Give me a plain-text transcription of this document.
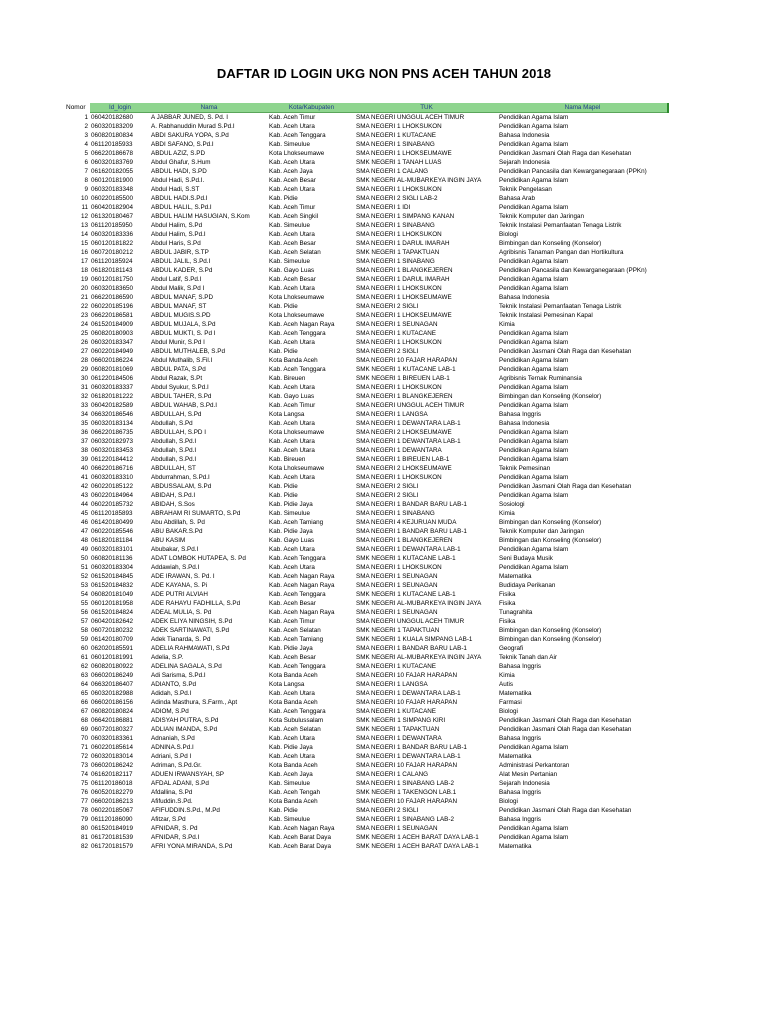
DAFTAR ID LOGIN UKG NON PNS ACEH TAHUN 2018
Nomor	Id_login	Nama	Kota/Kabupaten	TUK	Nama Mapel
1	060420182680	A JABBAR JUNED, S. Pd. I	Kab. Aceh Timur	SMA NEGERI UNGGUL ACEH TIMUR	Pendidikan Agama Islam
2	060320183209	A. Rabhanuddin Murad S.Pd.I	Kab. Aceh Utara	SMA NEGERI 1 LHOKSUKON	Pendidikan Agama Islam
3	060820180834	ABDI SAKURA YOPA, S.Pd	Kab. Aceh Tenggara	SMA NEGERI 1 KUTACANE	Bahasa Indonesia
4	061120185933	ABDI SAFANO, S.Pd.I	Kab. Simeulue	SMA NEGERI 1 SINABANG	Pendidikan Agama Islam
5	066220186678	ABDUL AZIZ, S.PD	Kota Lhokseumawe	SMA NEGERI 1 LHOKSEUMAWE	Pendidikan Jasmani Olah Raga dan Kesehatan
6	060320183769	Abdul Ghafur, S.Hum	Kab. Aceh Utara	SMK NEGERI 1 TANAH LUAS	Sejarah Indonesia
7	061620182055	ABDUL HADI, S.PD	Kab. Aceh Jaya	SMA NEGERI 1 CALANG	Pendidikan Pancasila dan Kewarganegaraan (PPKn)
8	060120181900	Abdul Hadi, S.Pd.I.	Kab. Aceh Besar	SMK NEGERI AL-MUBARKEYA INGIN JAYA	Pendidikan Agama Islam
9	060320183348	Abdul Hadi, S.ST	Kab. Aceh Utara	SMA NEGERI 1 LHOKSUKON	Teknik Pengelasan
10	060220185500	ABDUL HADI.S.Pd.I	Kab. Pidie	SMA NEGERI 2 SIGLI LAB-2	Bahasa Arab
11	060420182904	ABDUL HALIL, S.Pd.I	Kab. Aceh Timur	SMA NEGERI 1 IDI	Pendidikan Agama Islam
12	061320180467	ABDUL HALIM HASUGIAN, S.Kom	Kab. Aceh Singkil	SMA NEGERI 1 SIMPANG KANAN	Teknik Komputer dan Jaringan
13	061120185950	Abdul Halim, S.Pd	Kab. Simeulue	SMA NEGERI 1 SINABANG	Teknik Instalasi Pemanfaatan Tenaga Listrik
14	060320183336	Abdul Halim, S.Pd.I	Kab. Aceh Utara	SMA NEGERI 1 LHOKSUKON	Biologi
15	060120181822	Abdul Haris, S.Pd	Kab. Aceh Besar	SMA NEGERI 1 DARUL IMARAH	Bimbingan dan Konseling (Konselor)
16	060720180212	ABDUL JABIR, S.TP	Kab. Aceh Selatan	SMK NEGERI 1 TAPAKTUAN	Agribisnis Tanaman Pangan dan Hortikultura
17	061120185924	ABDUL JALIL, S.Pd.I	Kab. Simeulue	SMA NEGERI 1 SINABANG	Pendidikan Agama Islam
18	061820181143	ABDUL KADER, S.Pd	Kab. Gayo Luas	SMA NEGERI 1 BLANGKEJEREN	Pendidikan Pancasila dan Kewarganegaraan (PPKn)
19	060120181750	Abdul Latif, S.Pd.I	Kab. Aceh Besar	SMA NEGERI 1 DARUL IMARAH	Pendidikan Agama Islam
20	060320183650	Abdul Malik, S.Pd I	Kab. Aceh Utara	SMA NEGERI 1 LHOKSUKON	Pendidikan Agama Islam
21	066220186590	ABDUL MANAF, S.PD	Kota Lhokseumawe	SMA NEGERI 1 LHOKSEUMAWE	Bahasa Indonesia
22	060220185196	ABDUL MANAF, ST	Kab. Pidie	SMA NEGERI 2 SIGLI	Teknik Instalasi Pemanfaatan Tenaga Listrik
23	066220186581	ABDUL MUGIS.S.PD	Kota Lhokseumawe	SMA NEGERI 1 LHOKSEUMAWE	Teknik Instalasi Pemesinan Kapal
24	061520184909	ABDUL MUJALA, S.Pd	Kab. Aceh Nagan Raya	SMA NEGERI 1 SEUNAGAN	Kimia
25	060820180903	ABDUL MUKTI, S. Pd I	Kab. Aceh Tenggara	SMA NEGERI 1 KUTACANE	Pendidikan Agama Islam
26	060320183347	Abdul Munir, S.Pd I	Kab. Aceh Utara	SMA NEGERI 1 LHOKSUKON	Pendidikan Agama Islam
27	060220184949	ABDUL MUTHALEB, S.Pd	Kab. Pidie	SMA NEGERI 2 SIGLI	Pendidikan Jasmani Olah Raga dan Kesehatan
28	066020186224	Abdul Muthalib, S.Fil.I	Kota Banda Aceh	SMA NEGERI 10 FAJAR HARAPAN	Pendidikan Agama Islam
29	060820181069	ABDUL PATA, S.Pd	Kab. Aceh Tenggara	SMK NEGERI 1 KUTACANE LAB-1	Pendidikan Agama Islam
30	061220184506	Abdul Razak, S.Pt	Kab. Bireuen	SMK NEGERI 1 BIREUEN LAB-1	Agribisnis Ternak Ruminansia
31	060320183337	Abdul Syukur, S.Pd.I	Kab. Aceh Utara	SMA NEGERI 1 LHOKSUKON	Pendidikan Agama Islam
32	061820181222	ABDUL TAHER, S.Pd	Kab. Gayo Luas	SMA NEGERI 1 BLANGKEJEREN	Bimbingan dan Konseling (Konselor)
33	060420182589	ABDUL WAHAB, S.Pd.I	Kab. Aceh Timur	SMA NEGERI UNGGUL ACEH TIMUR	Pendidikan Agama Islam
34	066320186546	ABDULLAH, S.Pd	Kota Langsa	SMA NEGERI 1 LANGSA	Bahasa Inggris
35	060320183134	Abdullah, S.Pd	Kab. Aceh Utara	SMA NEGERI 1 DEWANTARA LAB-1	Bahasa Indonesia
36	066220186735	ABDULLAH, S.PD I	Kota Lhokseumawe	SMA NEGERI 2 LHOKSEUMAWE	Pendidikan Agama Islam
37	060320182973	Abdullah, S.Pd.I	Kab. Aceh Utara	SMA NEGERI 1 DEWANTARA LAB-1	Pendidikan Agama Islam
38	060320183453	Abdullah, S.Pd.I	Kab. Aceh Utara	SMA NEGERI 1 DEWANTARA	Pendidikan Agama Islam
39	061220184412	Abdullah, S.Pd.I	Kab. Bireuen	SMA NEGERI 1 BIREUEN LAB-1	Pendidikan Agama Islam
40	066220186716	ABDULLAH, ST	Kota Lhokseumawe	SMA NEGERI 2 LHOKSEUMAWE	Teknik Pemesinan
41	060320183310	Abdurrahman, S.Pd.I	Kab. Aceh Utara	SMA NEGERI 1 LHOKSUKON	Pendidikan Agama Islam
42	060220185122	ABDUSSALAM, S.Pd	Kab. Pidie	SMA NEGERI 2 SIGLI	Pendidikan Jasmani Olah Raga dan Kesehatan
43	060220184964	ABIDAH, S.Pd.I	Kab. Pidie	SMA NEGERI 2 SIGLI	Pendidikan Agama Islam
44	060220185732	ABIDAH, S.Sos	Kab. Pidie Jaya	SMA NEGERI 1 BANDAR BARU LAB-1	Sosiologi
45	061120185893	ABRAHAM RI SUMARTO, S.Pd	Kab. Simeulue	SMA NEGERI 1 SINABANG	Kimia
46	061420180499	Abu Abdillah, S. Pd	Kab. Aceh Tamiang	SMA NEGERI 4 KEJURUAN MUDA	Bimbingan dan Konseling (Konselor)
47	060220185546	ABU BAKAR.S.Pd	Kab. Pidie Jaya	SMA NEGERI 1 BANDAR BARU LAB-1	Teknik Komputer dan Jaringan
48	061820181184	ABU KASIM	Kab. Gayo Luas	SMA NEGERI 1 BLANGKEJEREN	Bimbingan dan Konseling (Konselor)
49	060320183101	Abubakar, S.Pd.I	Kab. Aceh Utara	SMA NEGERI 1 DEWANTARA LAB-1	Pendidikan Agama Islam
50	060820181136	ADAT LOMBOK HUTAPEA, S. Pd	Kab. Aceh Tenggara	SMK NEGERI 1 KUTACANE LAB-1	Seni Budaya Musik
51	060320183304	Addawiah, S.Pd.I	Kab. Aceh Utara	SMA NEGERI 1 LHOKSUKON	Pendidikan Agama Islam
52	061520184845	ADE IRAWAN, S. Pd. I	Kab. Aceh Nagan Raya	SMA NEGERI 1 SEUNAGAN	Matematika
53	061520184832	ADE KAYANA, S. Pi	Kab. Aceh Nagan Raya	SMA NEGERI 1 SEUNAGAN	Budidaya Perikanan
54	060820181049	ADE PUTRI ALVIAH	Kab. Aceh Tenggara	SMK NEGERI 1 KUTACANE LAB-1	Fisika
55	060120181958	ADE RAHAYU FADHILLA, S.Pd	Kab. Aceh Besar	SMK NEGERI AL-MUBARKEYA INGIN JAYA	Fisika
56	061520184824	ADEAL MULIA, S. Pd	Kab. Aceh Nagan Raya	SMA NEGERI 1 SEUNAGAN	Tunagrahita
57	060420182642	ADEK ELIYA NINGSIH, S.Pd	Kab. Aceh Timur	SMA NEGERI UNGGUL ACEH TIMUR	Fisika
58	060720180232	ADEK SARTINAWATI, S.Pd	Kab. Aceh Selatan	SMK NEGERI 1 TAPAKTUAN	Bimbingan dan Konseling (Konselor)
59	061420180709	Adek Tianarda, S. Pd	Kab. Aceh Tamiang	SMK NEGERI 1 KUALA SIMPANG LAB-1	Bimbingan dan Konseling (Konselor)
60	062020185591	ADELIA RAHMAWATI, S.Pd	Kab. Pidie Jaya	SMA NEGERI 1 BANDAR BARU LAB-1	Geografi
61	060120181991	Adelia, S.P.	Kab. Aceh Besar	SMK NEGERI AL-MUBARKEYA INGIN JAYA	Teknik Tanah dan Air
62	060820180922	ADELINA SAGALA, S.Pd	Kab. Aceh Tenggara	SMA NEGERI 1 KUTACANE	Bahasa Inggris
63	066020186249	Adi Sarisma, S.Pd.I	Kota Banda Aceh	SMA NEGERI 10 FAJAR HARAPAN	Kimia
64	066320186407	ADIANTO, S.Pd	Kota Langsa	SMA NEGERI 1 LANGSA	Autis
65	060320182988	Adidah, S.Pd.I	Kab. Aceh Utara	SMA NEGERI 1 DEWANTARA LAB-1	Matematika
66	066020186156	Adinda Masthura, S.Farm., Apt	Kota Banda Aceh	SMA NEGERI 10 FAJAR HARAPAN	Farmasi
67	060820180824	ADIOM, S.Pd	Kab. Aceh Tenggara	SMA NEGERI 1 KUTACANE	Biologi
68	066420186881	ADISYAH PUTRA, S.Pd	Kota Subulussalam	SMK NEGERI 1 SIMPANG KIRI	Pendidikan Jasmani Olah Raga dan Kesehatan
69	060720180327	ADLIAN IMANDA, S.Pd	Kab. Aceh Selatan	SMK NEGERI 1 TAPAKTUAN	Pendidikan Jasmani Olah Raga dan Kesehatan
70	060320183361	Adnaniah, S.Pd	Kab. Aceh Utara	SMA NEGERI 1 DEWANTARA	Bahasa Inggris
71	060220185614	ADNINA.S.Pd.I	Kab. Pidie Jaya	SMA NEGERI 1 BANDAR BARU LAB-1	Pendidikan Agama Islam
72	060320183014	Adriani, S.Pd I	Kab. Aceh Utara	SMA NEGERI 1 DEWANTARA LAB-1	Matematika
73	066020186242	Adriman, S.Pd.Gr.	Kota Banda Aceh	SMA NEGERI 10 FAJAR HARAPAN	Administrasi Perkantoran
74	061620182117	ADUEN IRWANSYAH, SP	Kab. Aceh Jaya	SMA NEGERI 1 CALANG	Alat Mesin Pertanian
75	061120186018	AFDAL ADANI, S.Pd	Kab. Simeulue	SMA NEGERI 1 SINABANG LAB-2	Sejarah Indonesia
76	060520182279	Afdallina, S.Pd	Kab. Aceh Tengah	SMK NEGERI 1 TAKENGON LAB.1	Bahasa Inggris
77	066020186213	Afifuddin.S.Pd.	Kota Banda Aceh	SMA NEGERI 10 FAJAR HARAPAN	Biologi
78	060220185067	AFIFUDDIN.S.Pd., M.Pd	Kab. Pidie	SMA NEGERI 2 SIGLI	Pendidikan Jasmani Olah Raga dan Kesehatan
79	061120186090	Afitzar, S.Pd	Kab. Simeulue	SMA NEGERI 1 SINABANG LAB-2	Bahasa Inggris
80	061520184919	AFNIDAR, S. Pd	Kab. Aceh Nagan Raya	SMA NEGERI 1 SEUNAGAN	Pendidikan Agama Islam
81	061720181539	AFNIDAR, S.Pd.I	Kab. Aceh Barat Daya	SMK NEGERI 1 ACEH BARAT DAYA LAB-1	Pendidikan Agama Islam
82	061720181579	AFRI YONA MIRANDA, S.Pd	Kab. Aceh Barat Daya	SMK NEGERI 1 ACEH BARAT DAYA LAB-1	Matematika
